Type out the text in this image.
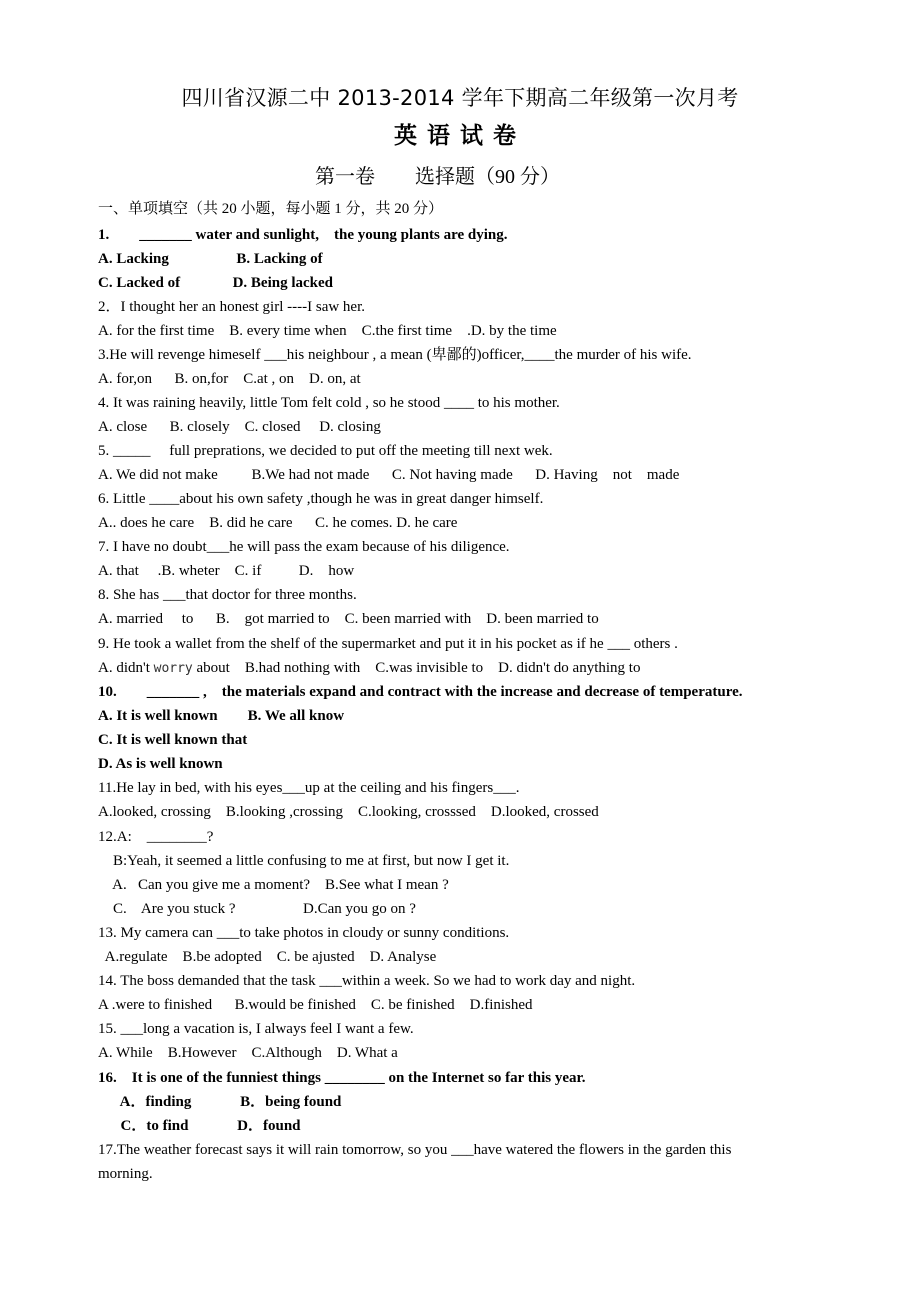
四川省汉源二中 2013-2014 学年下期高二年级第一次月考
英语试卷
第一卷 选择题（90 分）
一、单项填空（共 20 小题，每小题 1 分，共 20 分）
1.        _______ water and sunlight,    the young plants are dying.
A. Lacking                  B. Lacking of
C. Lacked of              D. Being lacked
2．I thought her an honest girl ----I saw her.
A. for the first time    B. every time when    C.the first time    .D. by the time
3.He will revenge himeself ___his neighbour , a mean (卑鄙的)officer,____the murder of his wife.
A. for,on      B. on,for    C.at , on    D. on, at
4. It was raining heavily, little Tom felt cold , so he stood ____ to his mother.
A. close      B. closely    C. closed     D. closing
5. _____     full preprations, we decided to put off the meeting till next wek.
A. We did not make         B.We had not made      C. Not having made      D. Having    not    made
6. Little ____about his own safety ,though he was in great danger himself.
A.. does he care    B. did he care      C. he comes. D. he care
7. I have no doubt___he will pass the exam because of his diligence.
A. that     .B. wheter    C. if          D.    how
8. She has ___that doctor for three months.
A. married     to      B.    got married to    C. been married with    D. been married to
9. He took a wallet from the shelf of the supermarket and put it in his pocket as if he ___ others .
A. didn't worry about    B.had nothing with    C.was invisible to    D. didn't do anything to
10.        _______ ,    the materials expand and contract with the increase and decrease of temperature.
A. It is well known        B. We all know
C. It is well known that
D. As is well known
11.He lay in bed, with his eyes___up at the ceiling and his fingers___.
A.looked, crossing    B.looking ,crossing    C.looking, crosssed    D.looked, crossed
12.A:    ________?
B:Yeah, it seemed a little confusing to me at first, but now I get it.
A.   Can you give me a moment?    B.See what I mean ?
C.    Are you stuck ?                  D.Can you go on ?
13. My camera can ___to take photos in cloudy or sunny conditions.
A.regulate    B.be adopted    C. be ajusted    D. Analyse
14. The boss demanded that the task ___within a week. So we had to work day and night.
A .were to finished      B.would be finished    C. be finished    D.finished
15. ___long a vacation is, I always feel I want a few.
A. While    B.However    C.Although    D. What a
16.    It is one of the funniest things ________ on the Internet so far this year.
A．finding             B．being found
C．to find             D．found
17.The weather forecast says it will rain tomorrow, so you ___have watered the flowers in the garden this
morning.
